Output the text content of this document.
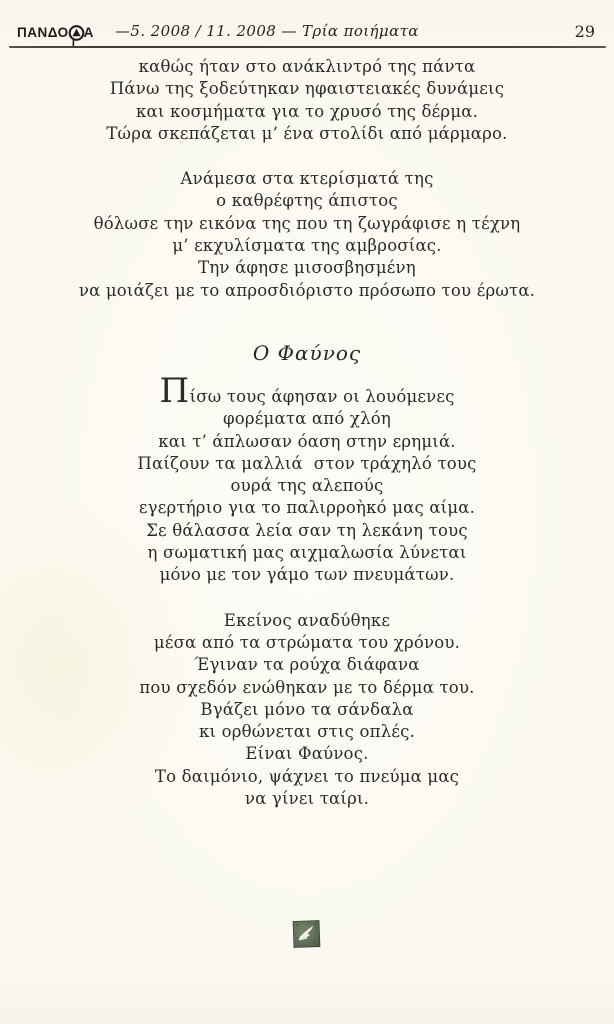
ΠΑΝΔΟ Α —5. 2008 / 11. 2008 — Τρία ποιήματα	29
καθώς ήταν στο ανάκλιντρό της πάντα
Πάνω της ξοδεύτηκαν ηφαιστειακές δυνάμεις
και κοσμήματα για το χρυσό της δέρμα.
Τώρα σκεπάζεται μ’ ένα στολίδι από μάρμαρο.
Ανάμεσα στα κτερίσματά της
ο καθρέφτης άπιστος
θόλωσε την εικόνα της που τη ζωγράφισε η τέχνη
μ’ εκχυλίσματα της αμβροσίας.
Την άφησε μισοσβησμένη
να μοιάζει με το απροσδιόριστο πρόσωπο του έρωτα.
Ο Φαύνος
Πίσω τους άφησαν οι λουόμενες
φορέματα από χλόη
και τ’ άπλωσαν όαση στην ερημιά.
Παίζουν τα μαλλιά  στον τράχηλό τους
ουρά της αλεπούς
εγερτήριο για το παλιρροὴκό μας αίμα.
Σε θάλασσα λεία σαν τη λεκάνη τους
η σωματική μας αιχμαλωσία λύνεται
μόνο με τον γάμο των πνευμάτων.
Εκείνος αναδύθηκε
μέσα από τα στρώματα του χρόνου.
Έγιναν τα ρούχα διάφανα
που σχεδόν ενώθηκαν με το δέρμα του.
Βγάζει μόνο τα σάνδαλα
κι ορθώνεται στις οπλές.
Είναι Φαύνος.
Το δαιμόνιο, ψάχνει το πνεύμα μας
να γίνει ταίρι.
